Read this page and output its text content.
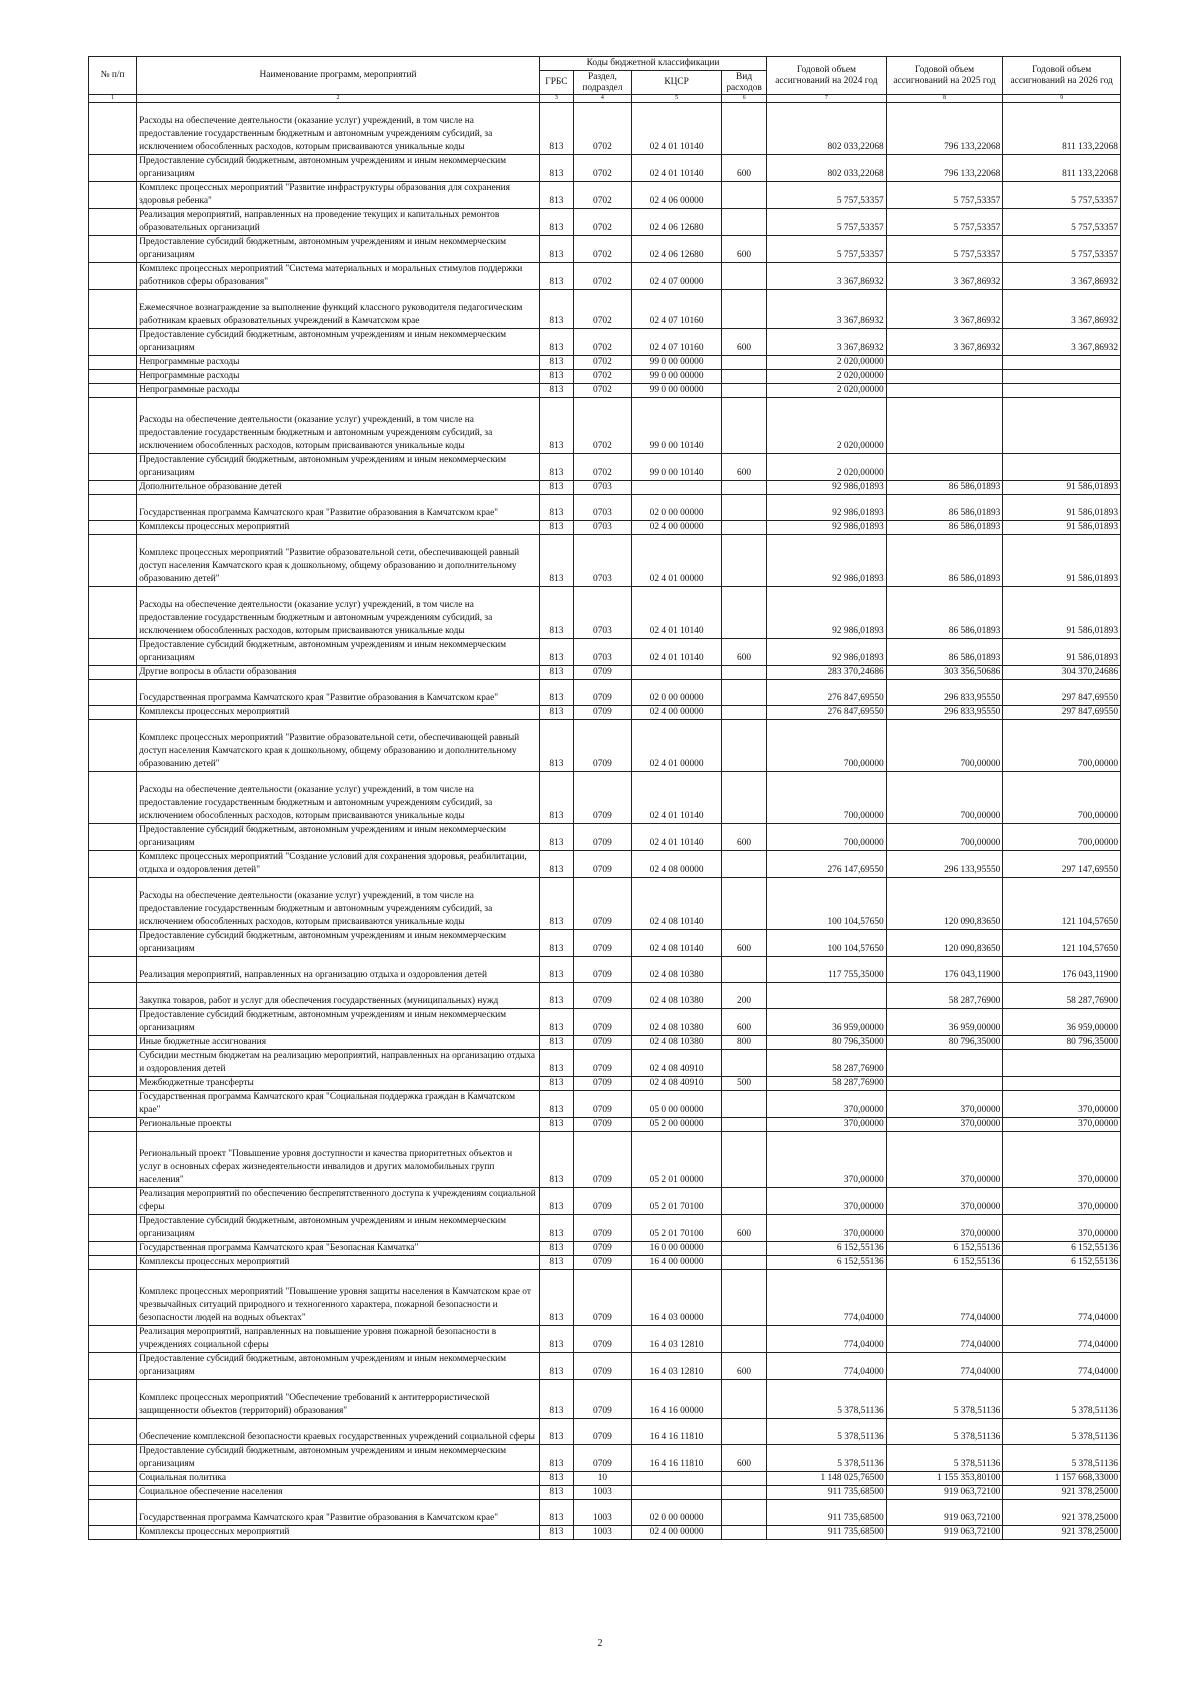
№ п/п	Наименование программ, мероприятий	Коды бюджетной классификации				Годовой объем ассигнований на 2024 год	Годовой объем ассигнований на 2025 год	Годовой объем ассигнований на 2026 год
		ГРБС	Раздел, подраздел	КЦСР	Вид расходов			
1	2	3	4	5	6	7	8	9
	Расходы на обеспечение деятельности (оказание услуг) учреждений, в том числе на предоставление государственным бюджетным и автономным учреждениям субсидий, за исключением обособленных расходов, которым присваиваются уникальные коды	813	0702	02 4 01 10140		802 033,22068	796 133,22068	811 133,22068
	Предоставление субсидий бюджетным, автономным учреждениям и иным некоммерческим организациям	813	0702	02 4 01 10140	600	802 033,22068	796 133,22068	811 133,22068
	Комплекс процессных мероприятий "Развитие инфраструктуры образования для сохранения здоровья ребенка"	813	0702	02 4 06 00000		5 757,53357	5 757,53357	5 757,53357
	Реализация мероприятий, направленных на проведение текущих и капитальных ремонтов образовательных организаций	813	0702	02 4 06 12680		5 757,53357	5 757,53357	5 757,53357
	Предоставление субсидий бюджетным, автономным учреждениям и иным некоммерческим организациям	813	0702	02 4 06 12680	600	5 757,53357	5 757,53357	5 757,53357
	Комплекс процессных мероприятий "Система материальных и моральных стимулов поддержки работников сферы образования"	813	0702	02 4 07 00000		3 367,86932	3 367,86932	3 367,86932
	Ежемесячное вознаграждение за выполнение функций классного руководителя педагогическим работникам краевых образовательных учреждений в Камчатском крае	813	0702	02 4 07 10160		3 367,86932	3 367,86932	3 367,86932
	Предоставление субсидий бюджетным, автономным учреждениям и иным некоммерческим организациям	813	0702	02 4 07 10160	600	3 367,86932	3 367,86932	3 367,86932
	Непрограммные расходы	813	0702	99 0 00 00000		2 020,00000		
	Непрограммные расходы	813	0702	99 0 00 00000		2 020,00000		
	Непрограммные расходы	813	0702	99 0 00 00000		2 020,00000		
	Расходы на обеспечение деятельности (оказание услуг) учреждений, в том числе на предоставление государственным бюджетным и автономным учреждениям субсидий, за исключением обособленных расходов, которым присваиваются уникальные коды	813	0702	99 0 00 10140		2 020,00000		
	Предоставление субсидий бюджетным, автономным учреждениям и иным некоммерческим организациям	813	0702	99 0 00 10140	600	2 020,00000		
	Дополнительное образование детей	813	0703			92 986,01893	86 586,01893	91 586,01893
	Государственная программа Камчатского края "Развитие образования в Камчатском крае"	813	0703	02 0 00 00000		92 986,01893	86 586,01893	91 586,01893
	Комплексы процессных мероприятий	813	0703	02 4 00 00000		92 986,01893	86 586,01893	91 586,01893
	Комплекс процессных мероприятий "Развитие образовательной сети, обеспечивающей равный доступ населения Камчатского края к дошкольному, общему образованию и дополнительному образованию детей"	813	0703	02 4 01 00000		92 986,01893	86 586,01893	91 586,01893
	Расходы на обеспечение деятельности (оказание услуг) учреждений, в том числе на предоставление государственным бюджетным и автономным учреждениям субсидий, за исключением обособленных расходов, которым присваиваются уникальные коды	813	0703	02 4 01 10140		92 986,01893	86 586,01893	91 586,01893
	Предоставление субсидий бюджетным, автономным учреждениям и иным некоммерческим организациям	813	0703	02 4 01 10140	600	92 986,01893	86 586,01893	91 586,01893
	Другие вопросы в области образования	813	0709			283 370,24686	303 356,50686	304 370,24686
	Государственная программа Камчатского края "Развитие образования в Камчатском крае"	813	0709	02 0 00 00000		276 847,69550	296 833,95550	297 847,69550
	Комплексы процессных мероприятий	813	0709	02 4 00 00000		276 847,69550	296 833,95550	297 847,69550
	Комплекс процессных мероприятий "Развитие образовательной сети, обеспечивающей равный доступ населения Камчатского края к дошкольному, общему образованию и дополнительному образованию детей"	813	0709	02 4 01 00000		700,00000	700,00000	700,00000
	Расходы на обеспечение деятельности (оказание услуг) учреждений, в том числе на предоставление государственным бюджетным и автономным учреждениям субсидий, за исключением обособленных расходов, которым присваиваются уникальные коды	813	0709	02 4 01 10140		700,00000	700,00000	700,00000
	Предоставление субсидий бюджетным, автономным учреждениям и иным некоммерческим организациям	813	0709	02 4 01 10140	600	700,00000	700,00000	700,00000
	Комплекс процессных мероприятий "Создание условий для сохранения здоровья, реабилитации, отдыха и оздоровления детей"	813	0709	02 4 08 00000		276 147,69550	296 133,95550	297 147,69550
	Расходы на обеспечение деятельности (оказание услуг) учреждений, в том числе на предоставление государственным бюджетным и автономным учреждениям субсидий, за исключением обособленных расходов, которым присваиваются уникальные коды	813	0709	02 4 08 10140		100 104,57650	120 090,83650	121 104,57650
	Предоставление субсидий бюджетным, автономным учреждениям и иным некоммерческим организациям	813	0709	02 4 08 10140	600	100 104,57650	120 090,83650	121 104,57650
	Реализация мероприятий, направленных на организацию отдыха и оздоровления детей	813	0709	02 4 08 10380		117 755,35000	176 043,11900	176 043,11900
	Закупка товаров, работ и услуг для обеспечения государственных (муниципальных) нужд	813	0709	02 4 08 10380	200		58 287,76900	58 287,76900
	Предоставление субсидий бюджетным, автономным учреждениям и иным некоммерческим организациям	813	0709	02 4 08 10380	600	36 959,00000	36 959,00000	36 959,00000
	Иные бюджетные ассигнования	813	0709	02 4 08 10380	800	80 796,35000	80 796,35000	80 796,35000
	Субсидии местным бюджетам на реализацию мероприятий, направленных на организацию отдыха и оздоровления детей	813	0709	02 4 08 40910		58 287,76900		
	Межбюджетные трансферты	813	0709	02 4 08 40910	500	58 287,76900		
	Государственная программа Камчатского края "Социальная поддержка граждан в Камчатском крае"	813	0709	05 0 00 00000		370,00000	370,00000	370,00000
	Региональные проекты	813	0709	05 2 00 00000		370,00000	370,00000	370,00000
	Региональный проект "Повышение уровня доступности и качества приоритетных объектов и услуг в основных сферах жизнедеятельности инвалидов и других маломобильных групп населения"	813	0709	05 2 01 00000		370,00000	370,00000	370,00000
	Реализация мероприятий по обеспечению беспрепятственного доступа к учреждениям социальной сферы	813	0709	05 2 01 70100		370,00000	370,00000	370,00000
	Предоставление субсидий бюджетным, автономным учреждениям и иным некоммерческим организациям	813	0709	05 2 01 70100	600	370,00000	370,00000	370,00000
	Государственная программа Камчатского края "Безопасная Камчатка"	813	0709	16 0 00 00000		6 152,55136	6 152,55136	6 152,55136
	Комплексы процессных мероприятий	813	0709	16 4 00 00000		6 152,55136	6 152,55136	6 152,55136
	Комплекс процессных мероприятий "Повышение уровня защиты населения в Камчатском крае от чрезвычайных ситуаций природного и техногенного характера, пожарной безопасности и безопасности людей на водных объектах"	813	0709	16 4 03 00000		774,04000	774,04000	774,04000
	Реализация мероприятий, направленных на повышение уровня пожарной безопасности в учреждениях социальной сферы	813	0709	16 4 03 12810		774,04000	774,04000	774,04000
	Предоставление субсидий бюджетным, автономным учреждениям и иным некоммерческим организациям	813	0709	16 4 03 12810	600	774,04000	774,04000	774,04000
	Комплекс процессных мероприятий "Обеспечение требований к антитеррористической защищенности объектов (территорий) образования"	813	0709	16 4 16 00000		5 378,51136	5 378,51136	5 378,51136
	Обеспечение комплексной безопасности краевых государственных учреждений социальной сферы	813	0709	16 4 16 11810		5 378,51136	5 378,51136	5 378,51136
	Предоставление субсидий бюджетным, автономным учреждениям и иным некоммерческим организациям	813	0709	16 4 16 11810	600	5 378,51136	5 378,51136	5 378,51136
	Социальная политика	813	10			1 148 025,76500	1 155 353,80100	1 157 668,33000
	Социальное обеспечение населения	813	1003			911 735,68500	919 063,72100	921 378,25000
	Государственная программа Камчатского края "Развитие образования в Камчатском крае"	813	1003	02 0 00 00000		911 735,68500	919 063,72100	921 378,25000
	Комплексы процессных мероприятий	813	1003	02 4 00 00000		911 735,68500	919 063,72100	921 378,25000
2
